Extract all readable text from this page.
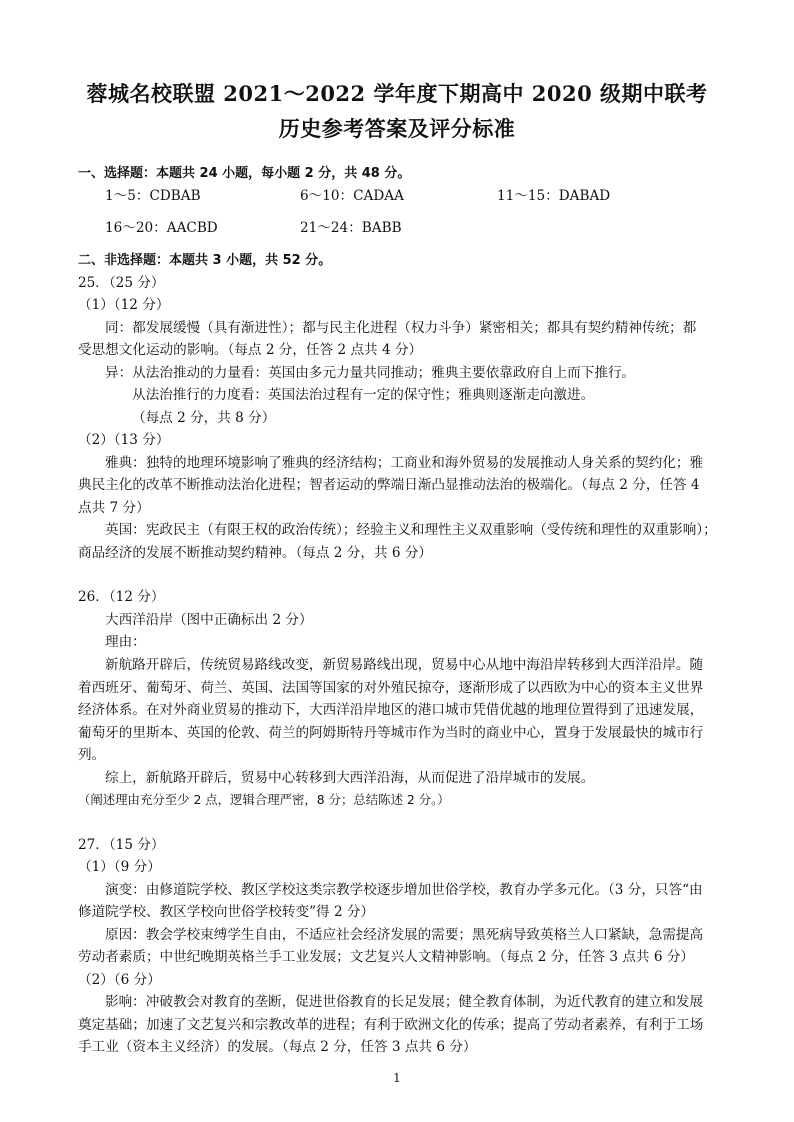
蓉城名校联盟 2021～2022 学年度下期高中 2020 级期中联考
历史参考答案及评分标准
一、选择题：本题共 24 小题，每小题 2 分，共 48 分。
1～5：CDBAB	6～10：CADAA	11～15：DABAD
16～20：AACBD	21～24：BABB
二、非选择题：本题共 3 小题，共 52 分。
25．（25 分）
（1）（12 分）
同：都发展缓慢（具有渐进性）；都与民主化进程（权力斗争）紧密相关；都具有契约精神传统；都
受思想文化运动的影响。（每点 2 分，任答 2 点共 4 分）
异：从法治推动的力量看：英国由多元力量共同推动；雅典主要依靠政府自上而下推行。
从法治推行的力度看：英国法治过程有一定的保守性；雅典则逐渐走向激进。
（每点 2 分，共 8 分）
（2）（13 分）
雅典：独特的地理环境影响了雅典的经济结构；工商业和海外贸易的发展推动人身关系的契约化；雅
典民主化的改革不断推动法治化进程；智者运动的弊端日渐凸显推动法治的极端化。（每点 2 分，任答 4
点共 7 分）
英国：宪政民主（有限王权的政治传统）；经验主义和理性主义双重影响（受传统和理性的双重影响）；
商品经济的发展不断推动契约精神。（每点 2 分，共 6 分）
26．（12 分）
大西洋沿岸（图中正确标出 2 分）
理由：
新航路开辟后，传统贸易路线改变，新贸易路线出现，贸易中心从地中海沿岸转移到大西洋沿岸。随
着西班牙、葡萄牙、荷兰、英国、法国等国家的对外殖民掠夺，逐渐形成了以西欧为中心的资本主义世界
经济体系。在对外商业贸易的推动下，大西洋沿岸地区的港口城市凭借优越的地理位置得到了迅速发展，
葡萄牙的里斯本、英国的伦敦、荷兰的阿姆斯特丹等城市作为当时的商业中心，置身于发展最快的城市行
列。
综上，新航路开辟后，贸易中心转移到大西洋沿海，从而促进了沿岸城市的发展。
（阐述理由充分至少 2 点，逻辑合理严密，8 分；总结陈述 2 分。）
27．（15 分）
（1）（9 分）
演变：由修道院学校、教区学校这类宗教学校逐步增加世俗学校，教育办学多元化。（3 分，只答“由
修道院学校、教区学校向世俗学校转变”得 2 分）
原因：教会学校束缚学生自由，不适应社会经济发展的需要；黑死病导致英格兰人口紧缺，急需提高
劳动者素质；中世纪晚期英格兰手工业发展；文艺复兴人文精神影响。（每点 2 分，任答 3 点共 6 分）
（2）（6 分）
影响：冲破教会对教育的垄断，促进世俗教育的长足发展；健全教育体制，为近代教育的建立和发展
奠定基础；加速了文艺复兴和宗教改革的进程；有利于欧洲文化的传承；提高了劳动者素养，有利于工场
手工业（资本主义经济）的发展。（每点 2 分，任答 3 点共 6 分）
1
